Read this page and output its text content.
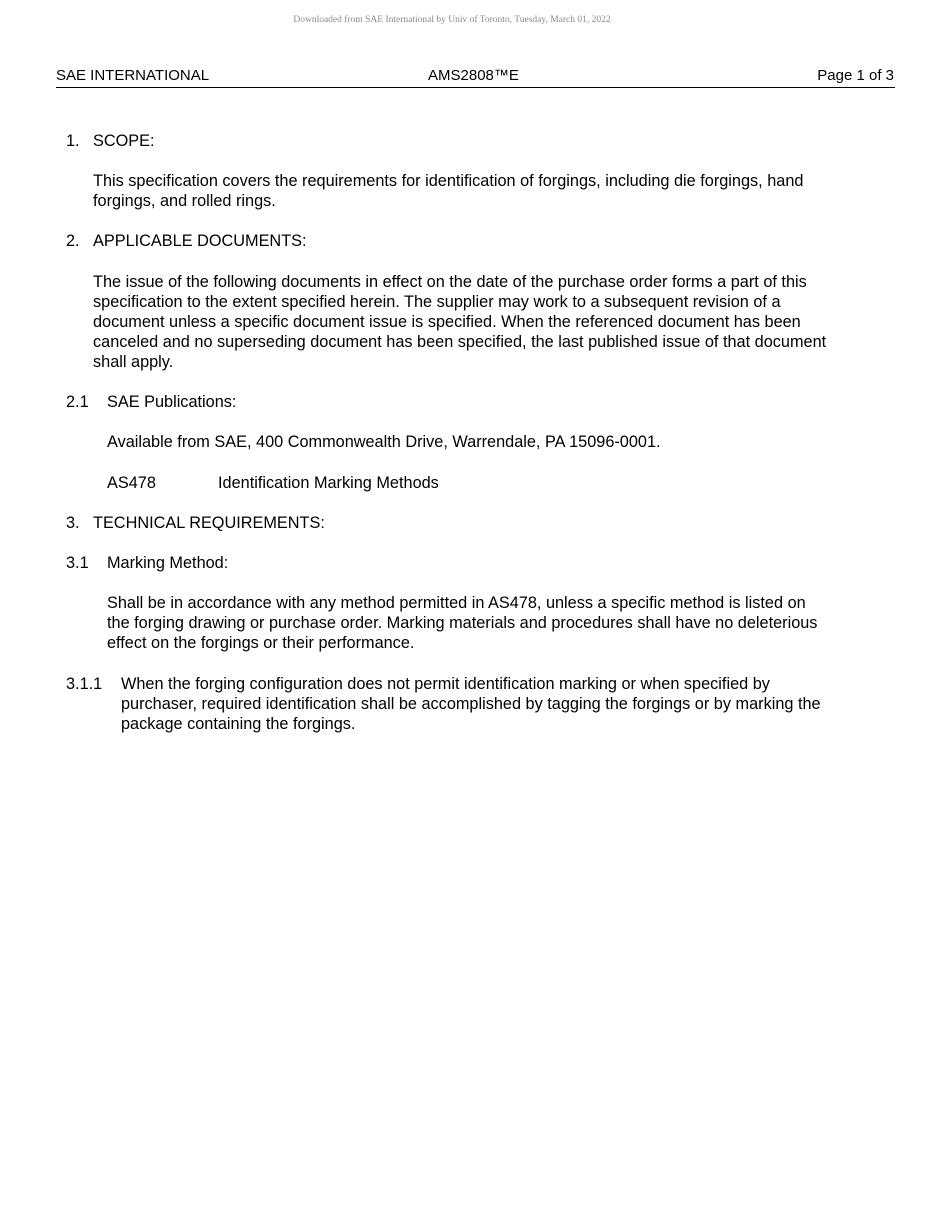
Downloaded from SAE International by Univ of Toronto, Tuesday, March 01, 2022
SAE INTERNATIONAL	AMS2808™E	Page 1 of 3
1. SCOPE:
This specification covers the requirements for identification of forgings, including die forgings, hand
forgings, and rolled rings.
2. APPLICABLE DOCUMENTS:
The issue of the following documents in effect on the date of the purchase order forms a part of this
specification to the extent specified herein. The supplier may work to a subsequent revision of a
document unless a specific document issue is specified. When the referenced document has been
canceled and no superseding document has been specified, the last published issue of that document
shall apply.
2.1 SAE Publications:
Available from SAE, 400 Commonwealth Drive, Warrendale, PA 15096-0001.
AS478	Identification Marking Methods
3. TECHNICAL REQUIREMENTS:
3.1 Marking Method:
Shall be in accordance with any method permitted in AS478, unless a specific method is listed on
the forging drawing or purchase order. Marking materials and procedures shall have no deleterious
effect on the forgings or their performance.
3.1.1 When the forging configuration does not permit identification marking or when specified by
purchaser, required identification shall be accomplished by tagging the forgings or by marking the
package containing the forgings.
